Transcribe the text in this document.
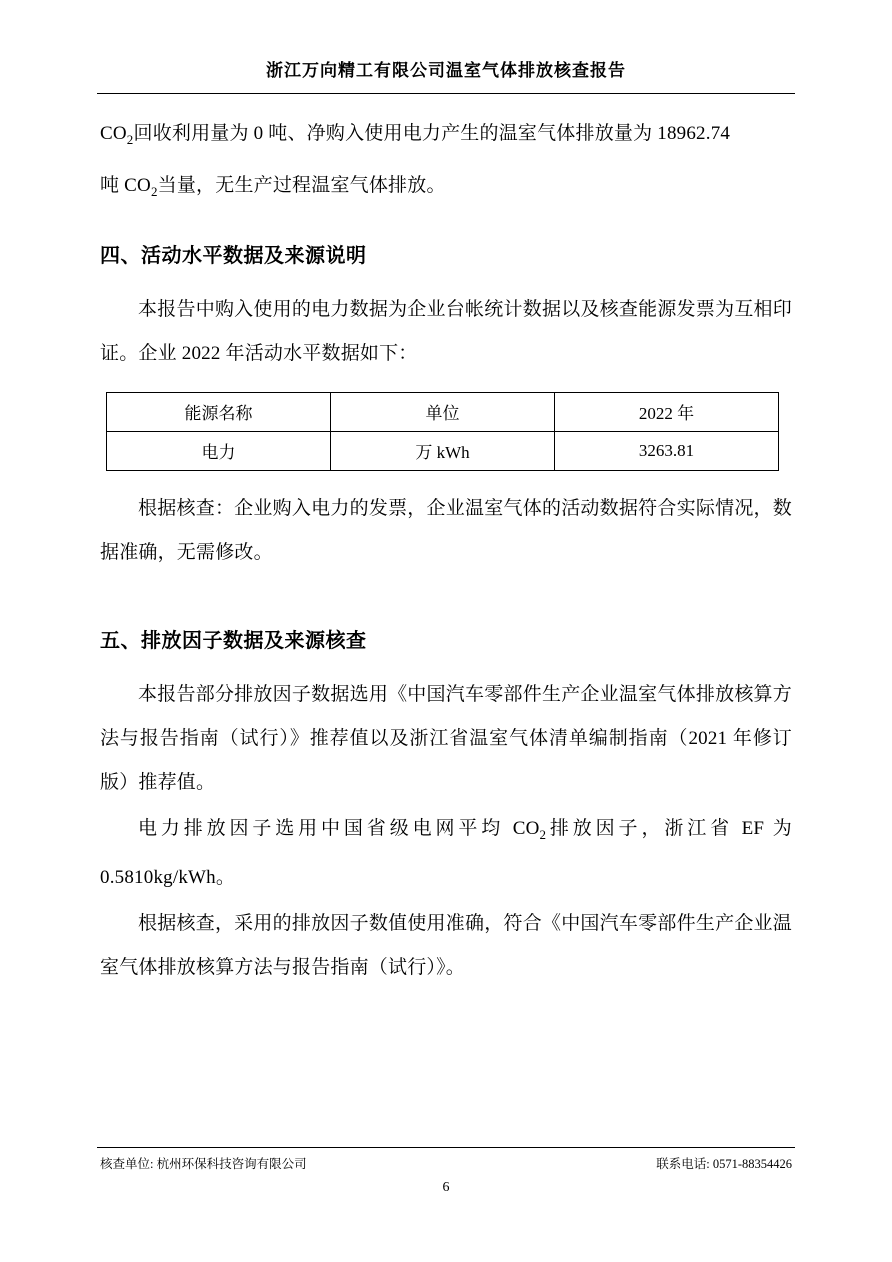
浙江万向精工有限公司温室气体排放核查报告

$CO_2$回收利用量为 0 吨、净购入使用电力产生的温室气体排放量为 18962.74

吨 $CO_2$当量，无生产过程温室气体排放。

四、活动水平数据及来源说明

本报告中购入使用的电力数据为企业台帐统计数据以及核查能源发票为互相印证。企业 2022 年活动水平数据如下：

能源名称	单位	2022 年
电力	万 kWh	3263.81

根据核查：企业购入电力的发票，企业温室气体的活动数据符合实际情况，数据准确，无需修改。

五、排放因子数据及来源核查

本报告部分排放因子数据选用《中国汽车零部件生产企业温室气体排放核算方法与报告指南（试行）》推荐值以及浙江省温室气体清单编制指南（2021 年修订版）推荐值。

电力排放因子选用中国省级电网平均 $CO_2$排放因子，浙江省 EF 为 0.5810kg/kWh。

根据核查，采用的排放因子数值使用准确，符合《中国汽车零部件生产企业温室气体排放核算方法与报告指南（试行）》。

核查单位: 杭州环保科技咨询有限公司	联系电话: 0571-88354426
6
